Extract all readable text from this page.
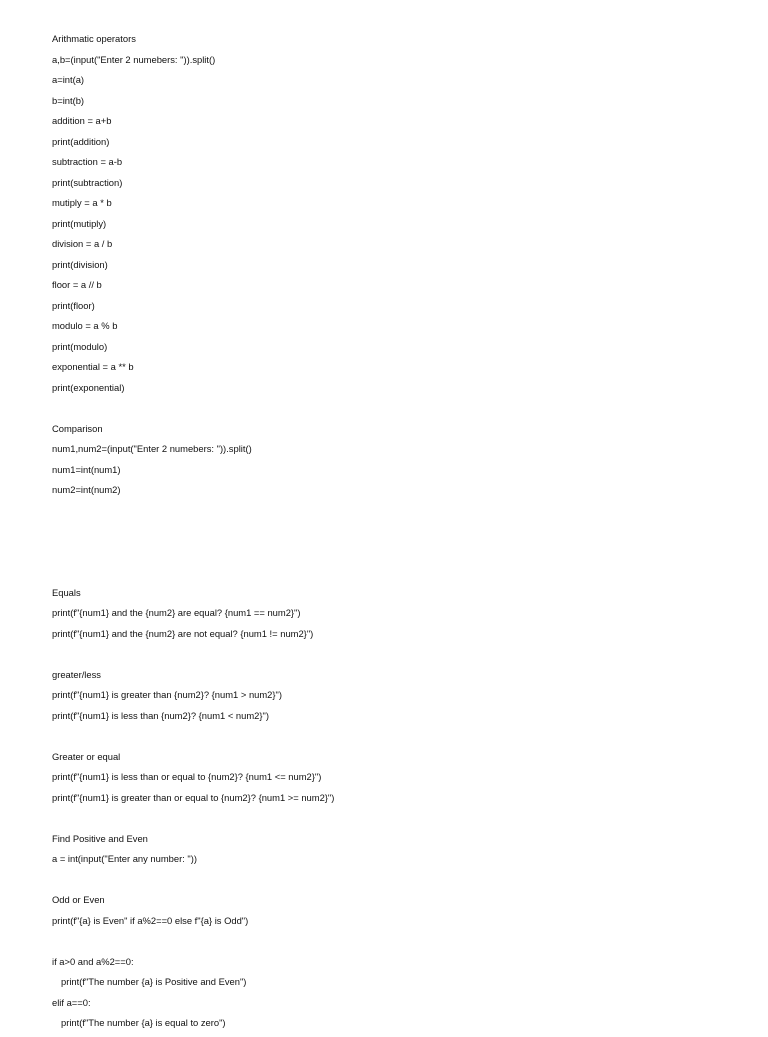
Arithmatic operators
a,b=(input("Enter 2 numebers: ")).split()
a=int(a)
b=int(b)
addition = a+b
print(addition)
subtraction = a-b
print(subtraction)
mutiply = a * b
print(mutiply)
division = a / b
print(division)
floor = a // b
print(floor)
modulo = a % b
print(modulo)
exponential = a ** b
print(exponential)
Comparison
num1,num2=(input("Enter 2 numebers: ")).split()
num1=int(num1)
num2=int(num2)
Equals
print(f"{num1} and the {num2} are equal? {num1 == num2}")
print(f"{num1} and the {num2} are not equal? {num1 != num2}")
greater/less
print(f"{num1} is greater than {num2}? {num1 > num2}")
print(f"{num1} is less than {num2}? {num1 < num2}")
Greater or equal
print(f"{num1} is less than or equal to {num2}? {num1 <= num2}")
print(f"{num1} is greater than or equal to {num2}? {num1 >= num2}")
Find Positive and Even
a = int(input("Enter any number: "))
Odd or Even
print(f"{a} is Even" if a%2==0 else f"{a} is Odd")
if a>0 and a%2==0:
print(f"The number {a} is Positive and Even")
elif a==0:
print(f"The number {a} is equal to zero")
